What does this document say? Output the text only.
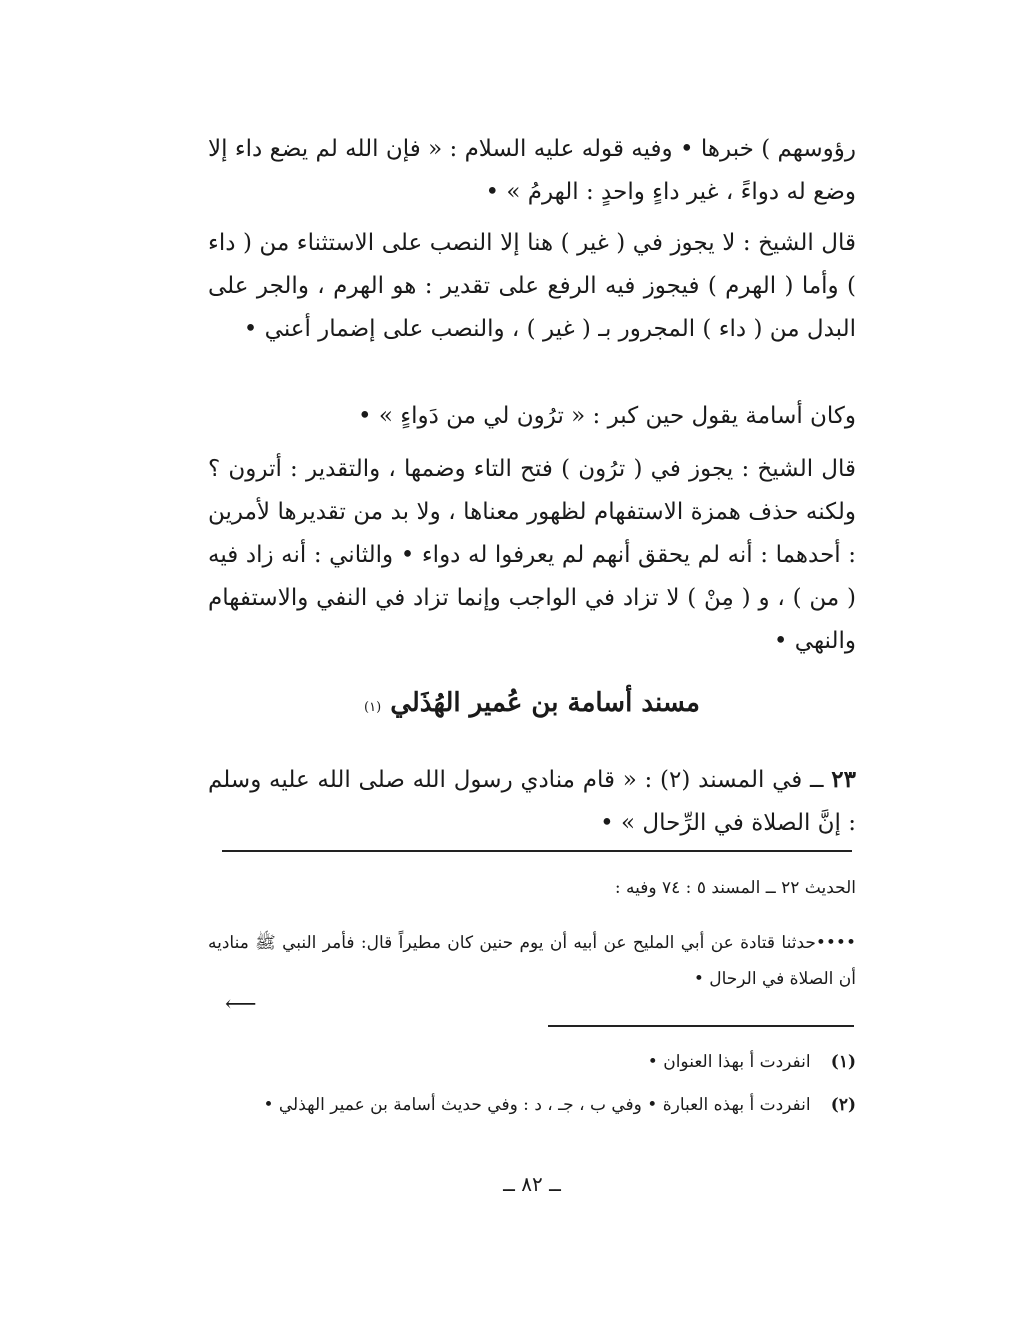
رؤوسهم ) خبرها • وفيه قوله عليه السلام : « فإن الله لم يضع داء إلا وضع له دواءً ، غير داءٍ واحدٍ : الهرمُ » •

قال الشيخ : لا يجوز في ( غير ) هنا إلا النصب على الاستثناء من ( داء ) وأما ( الهرم ) فيجوز فيه الرفع على تقدير : هو الهرم ، والجر على البدل من ( داء ) المجرور بـ ( غير ) ، والنصب على إضمار أعني •

وكان أسامة يقول حين كبر : « ترُون لي من دَواءٍ » •

قال الشيخ : يجوز في ( ترُون ) فتح التاء وضمها ، والتقدير : أترون ؟ ولكنه حذف همزة الاستفهام لظهور معناها ، ولا بد من تقديرها لأمرين : أحدهما : أنه لم يحقق أنهم لم يعرفوا له دواء • والثاني : أنه زاد فيه ( من ) ، و ( مِنْ ) لا تزاد في الواجب وإنما تزاد في النفي والاستفهام والنهي •

مسند أسامة بن عُمير الهُذَلي (١)

٢٣ ــ في المسند (٢) : « قام منادي رسول الله صلى الله عليه وسلم : إنَّ الصلاة في الرِّحال » •

الحديث ٢٢ ــ المسند ٥ : ٧٤ وفيه :

••••حدثنا قتادة عن أبي المليح عن أبيه أن يوم حنين كان مطيراً قال: فأمر النبي ﷺ مناديه أن الصلاة في الرحال •

⟵

(١) انفردت أ بهذا العنوان •

(٢) انفردت أ بهذه العبارة • وفي ب ، جـ ، د : وفي حديث أسامة بن عمير الهذلي •

ــ ٨٢ ــ
